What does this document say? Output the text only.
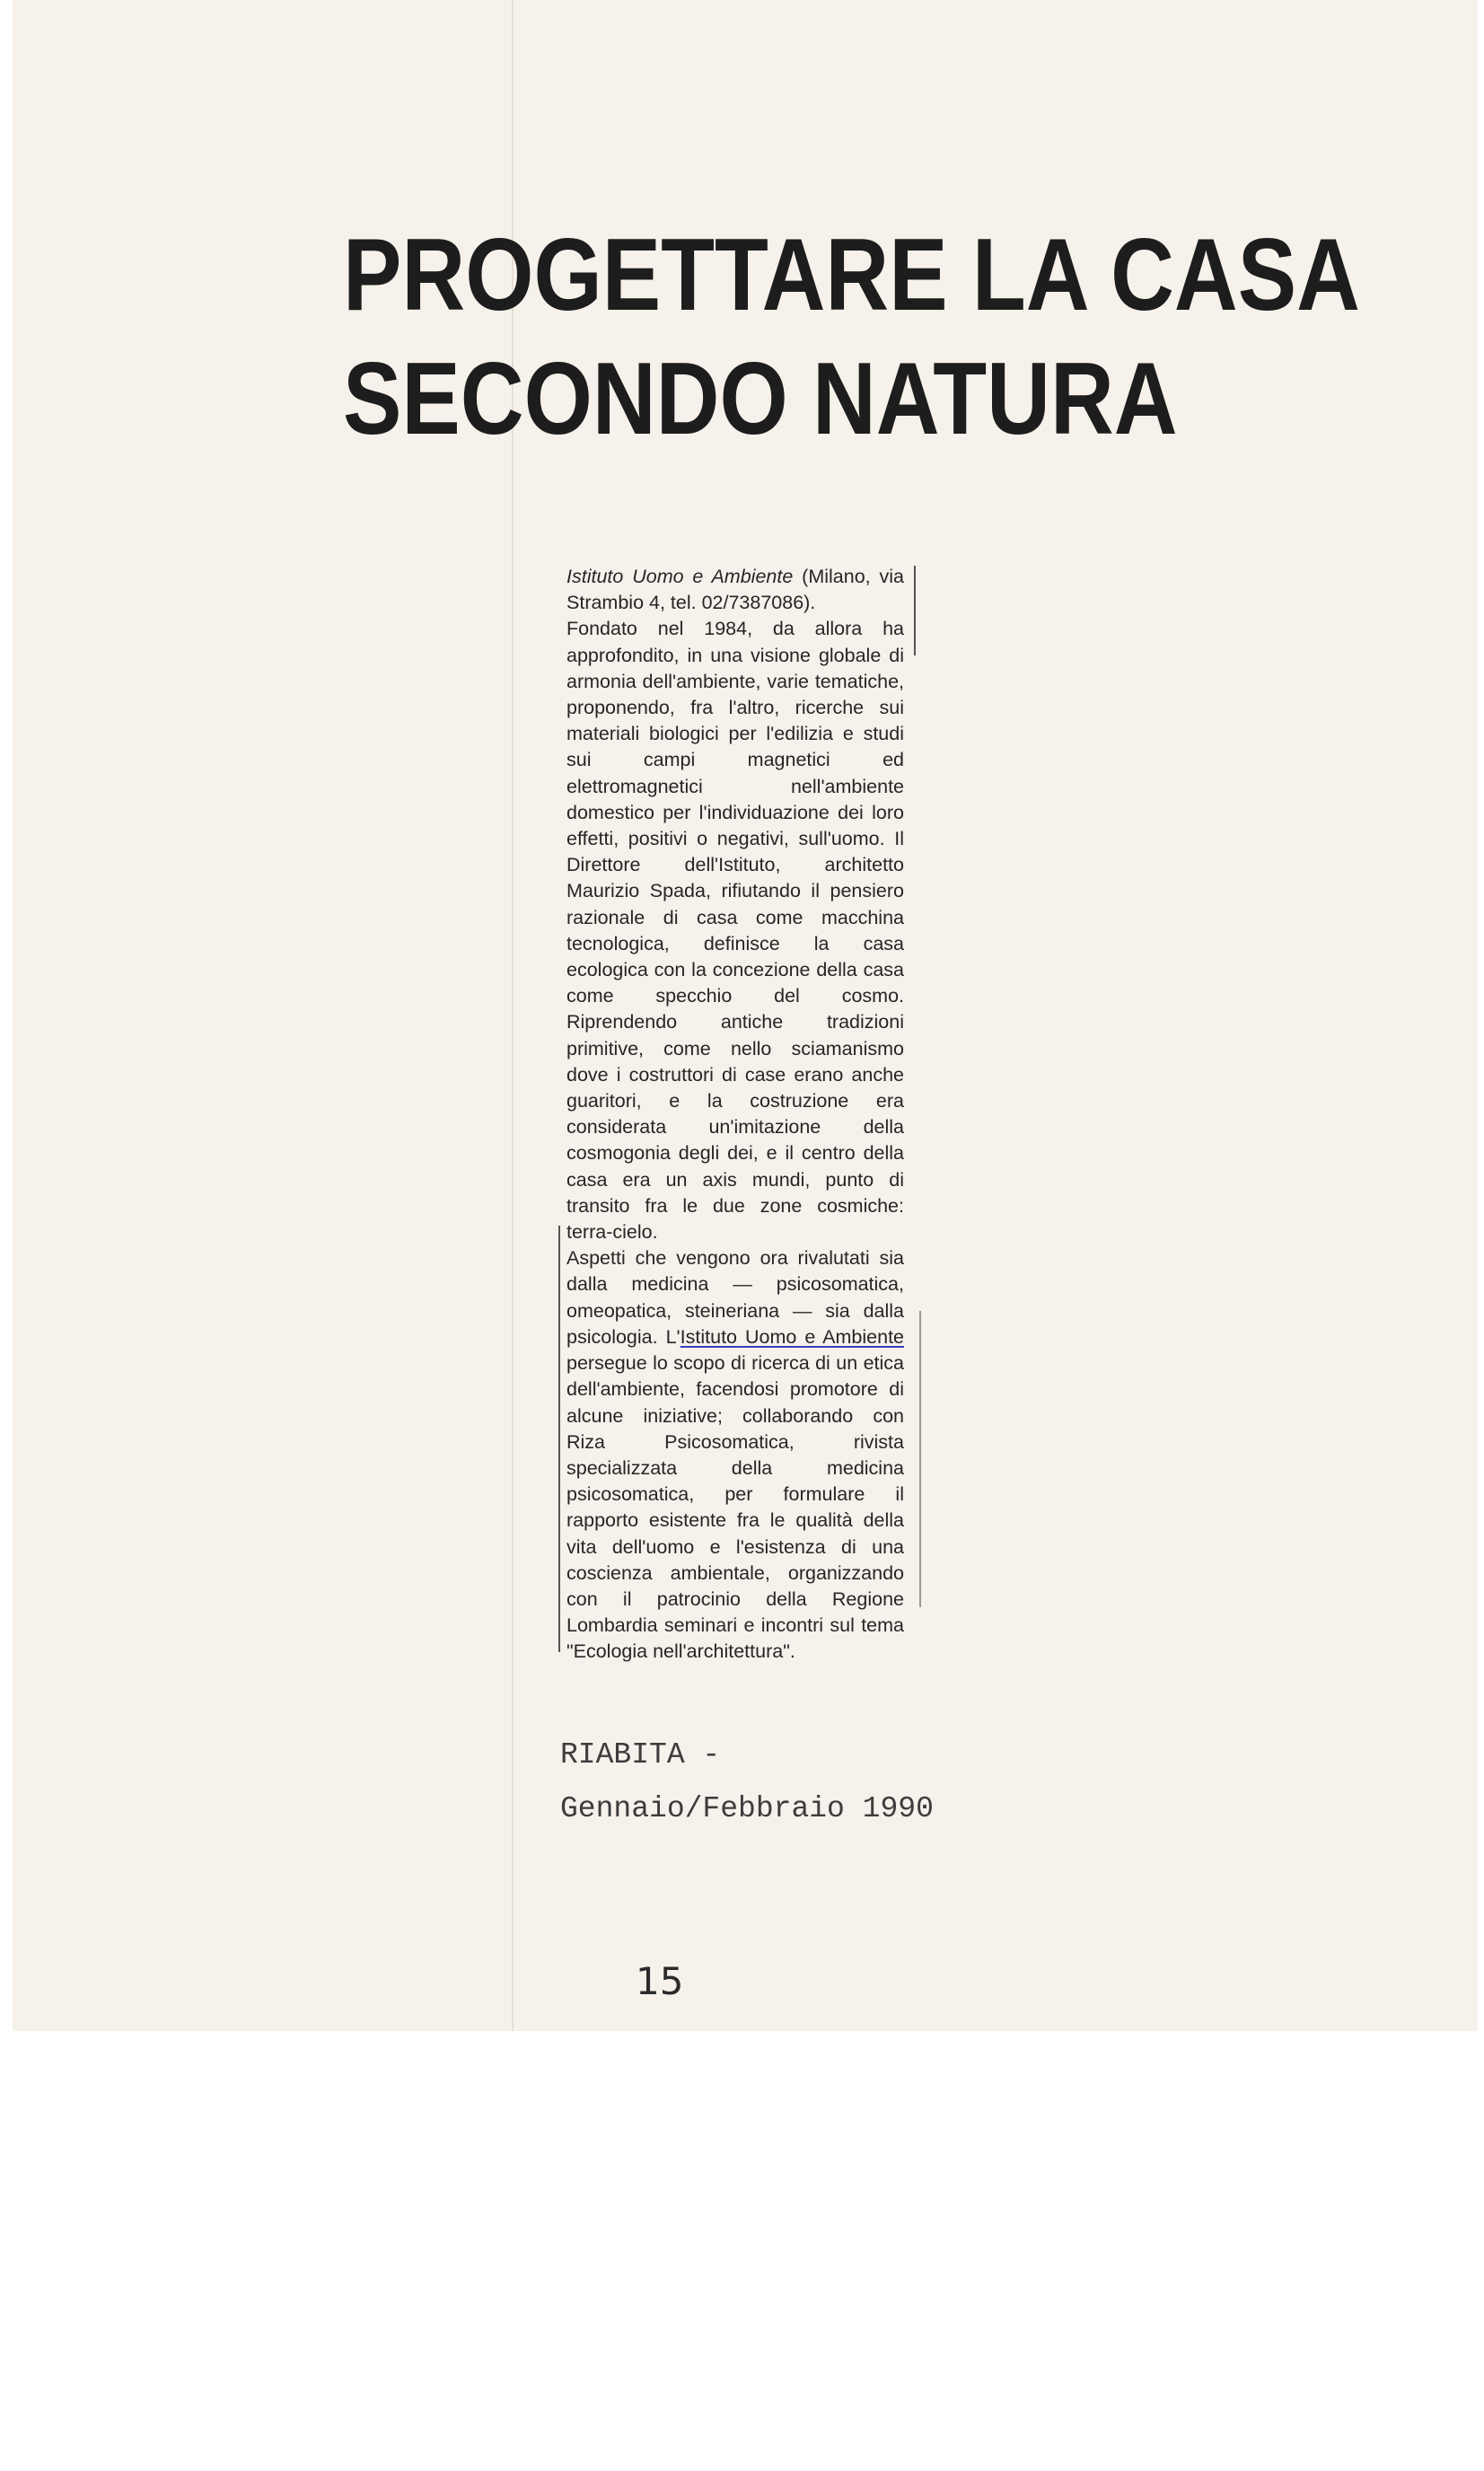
PROGETTARE LA CASA
SECONDO NATURA

Istituto Uomo e Ambiente (Milano, via Strambio 4, tel. 02/7387086).

Fondato nel 1984, da allora ha approfondito, in una visione globale di armonia dell'ambiente, varie tematiche, proponendo, fra l'altro, ricerche sui materiali biologici per l'edilizia e studi sui campi magnetici ed elettromagnetici nell'ambiente domestico per l'individuazione dei loro effetti, positivi o negativi, sull'uomo. Il Direttore dell'Istituto, architetto Maurizio Spada, rifiutando il pensiero razionale di casa come macchina tecnologica, definisce la casa ecologica con la concezione della casa come specchio del cosmo. Riprendendo antiche tradizioni primitive, come nello sciamanismo dove i costruttori di case erano anche guaritori, e la costruzione era considerata un'imitazione della cosmogonia degli dei, e il centro della casa era un axis mundi, punto di transito fra le due zone cosmiche: terra-cielo.

Aspetti che vengono ora rivalutati sia dalla medicina — psicosomatica, omeopatica, steineriana — sia dalla psicologia. L'Istituto Uomo e Ambiente persegue lo scopo di ricerca di un etica dell'ambiente, facendosi promotore di alcune iniziative; collaborando con Riza Psicosomatica, rivista specializzata della medicina psicosomatica, per formulare il rapporto esistente fra le qualità della vita dell'uomo e l'esistenza di una coscienza ambientale, organizzando con il patrocinio della Regione Lombardia seminari e incontri sul tema "Ecologia nell'architettura".

RIABITA -
Gennaio/Febbraio 1990
15
